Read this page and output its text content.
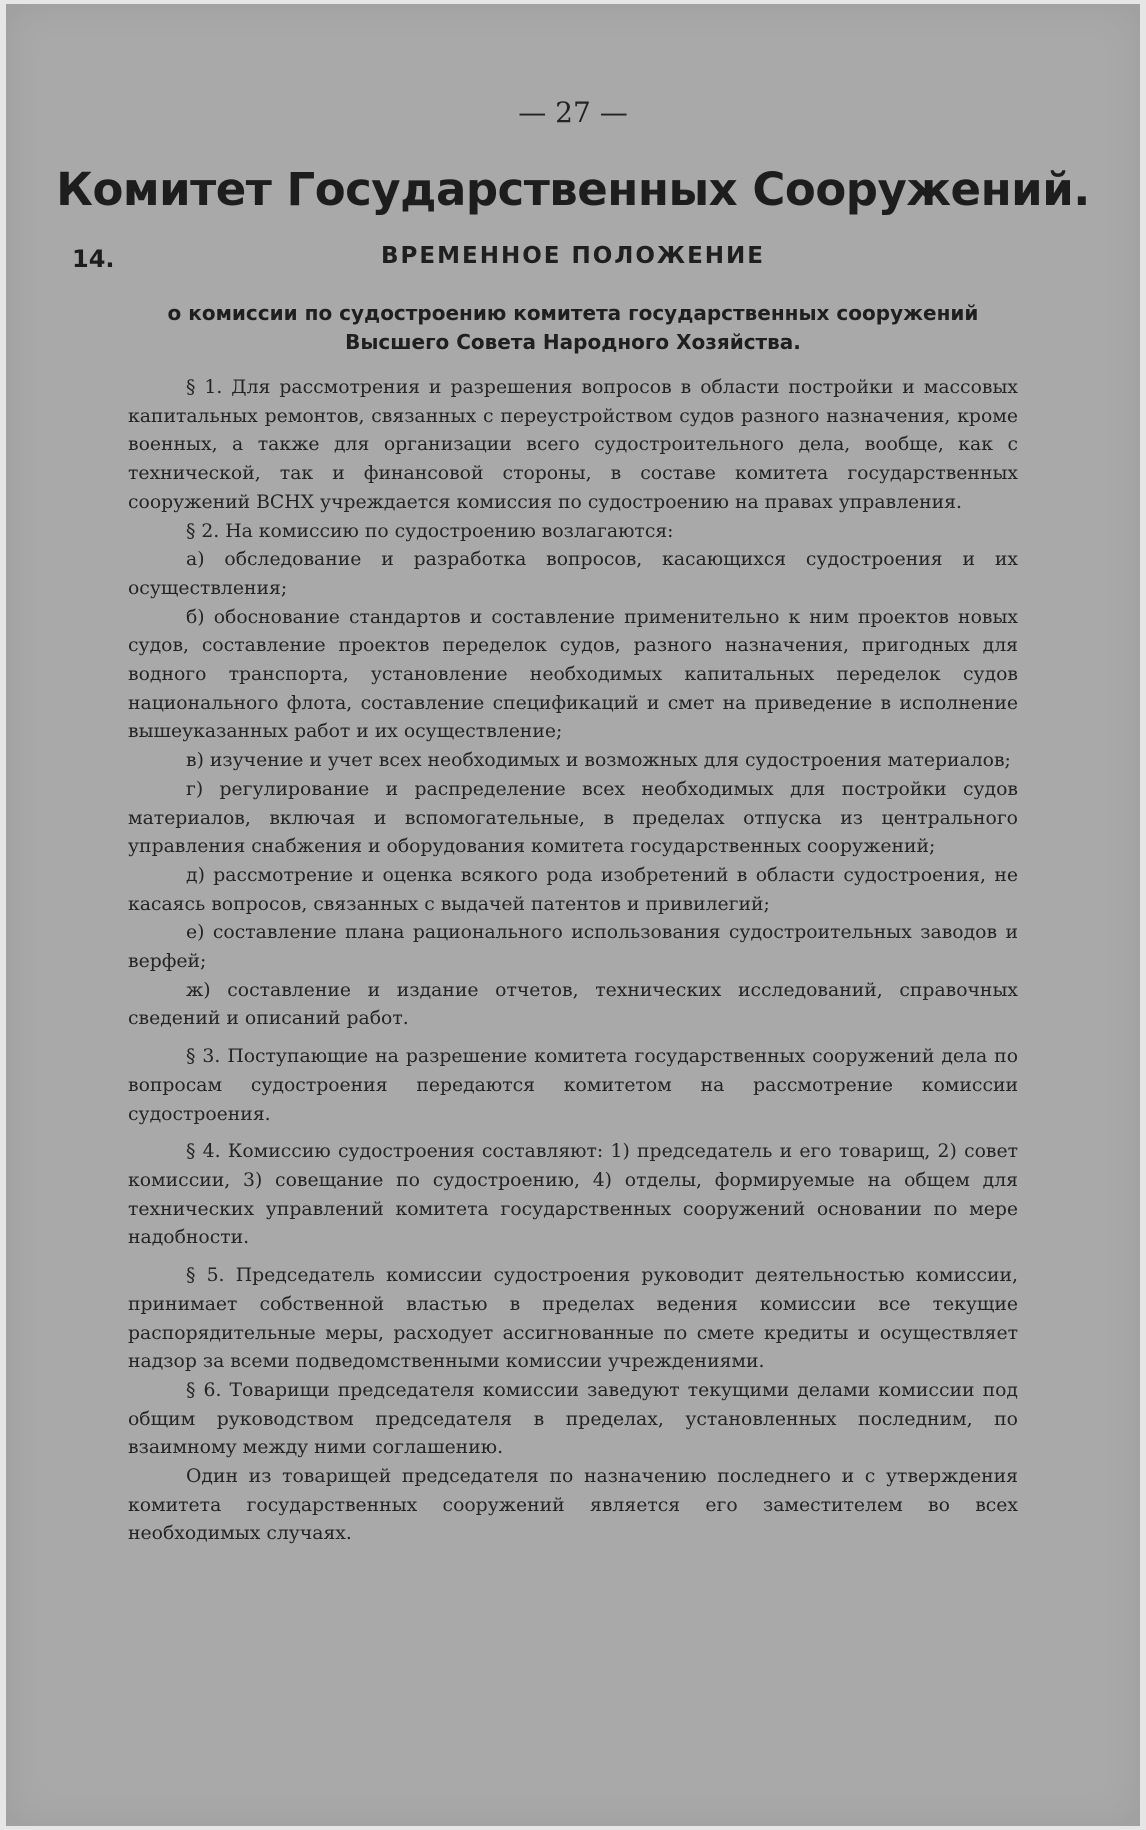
— 27 —
Комитет Государственных Сооружений.
14.	ВРЕМЕННОЕ ПОЛОЖЕНИЕ
о комиссии по судостроению комитета государственных сооружений Высшего Совета Народного Хозяйства.

§ 1. Для рассмотрения и разрешения вопросов в области постройки и массовых капитальных ремонтов, связанных с переустройством судов разного назначения, кроме военных, а также для организации всего судостроительного дела, вообще, как с технической, так и финансовой стороны, в составе комитета государственных сооружений ВСНХ учреждается комиссия по судостроению на правах управления.

§ 2. На комиссию по судостроению возлагаются:

а) обследование и разработка вопросов, касающихся судостроения и их осуществления;

б) обоснование стандартов и составление применительно к ним проектов новых судов, составление проектов переделок судов, разного назначения, пригодных для водного транспорта, установление необходимых капитальных переделок судов национального флота, составление спецификаций и смет на приведение в исполнение вышеуказанных работ и их осуществление;

в) изучение и учет всех необходимых и возможных для судостроения материалов;

г) регулирование и распределение всех необходимых для постройки судов материалов, включая и вспомогательные, в пределах отпуска из центрального управления снабжения и оборудования комитета государственных сооружений;

д) рассмотрение и оценка всякого рода изобретений в области судостроения, не касаясь вопросов, связанных с выдачей патентов и привилегий;

е) составление плана рационального использования судостроительных заводов и верфей;

ж) составление и издание отчетов, технических исследований, справочных сведений и описаний работ.

§ 3. Поступающие на разрешение комитета государственных сооружений дела по вопросам судостроения передаются комитетом на рассмотрение комиссии судостроения.

§ 4. Комиссию судостроения составляют: 1) председатель и его товарищ, 2) совет комиссии, 3) совещание по судостроению, 4) отделы, формируемые на общем для технических управлений комитета государственных сооружений основании по мере надобности.

§ 5. Председатель комиссии судостроения руководит деятельностью комиссии, принимает собственной властью в пределах ведения комиссии все текущие распорядительные меры, расходует ассигнованные по смете кредиты и осуществляет надзор за всеми подведомственными комиссии учреждениями.

§ 6. Товарищи председателя комиссии заведуют текущими делами комиссии под общим руководством председателя в пределах, установленных последним, по взаимному между ними соглашению.

Один из товарищей председателя по назначению последнего и с утверждения комитета государственных сооружений является его заместителем во всех необходимых случаях.
